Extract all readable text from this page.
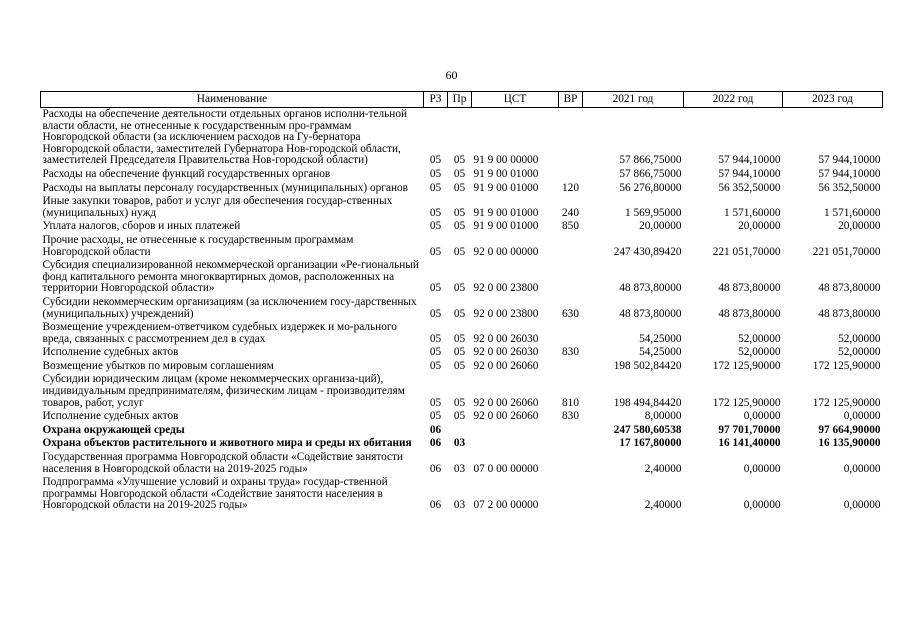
60
Наименование	РЗ	Пр	ЦСТ	ВР	2021 год	2022 год	2023 год
Расходы на обеспечение деятельности отдельных органов исполни-тельной власти области, не отнесенные к государственным про-граммам Новгородской области (за исключением расходов на Гу-бернатора Новгородской области, заместителей Губернатора Нов-городской области, заместителей Председателя Правительства Нов-городской области)	05	05	91 9 00 00000		57 866,75000	57 944,10000	57 944,10000
Расходы на обеспечение функций государственных органов	05	05	91 9 00 01000		57 866,75000	57 944,10000	57 944,10000
Расходы на выплаты персоналу государственных (муниципальных) органов	05	05	91 9 00 01000	120	56 276,80000	56 352,50000	56 352,50000
Иные закупки товаров, работ и услуг для обеспечения государ-ственных (муниципальных) нужд	05	05	91 9 00 01000	240	1 569,95000	1 571,60000	1 571,60000
Уплата налогов, сборов и иных платежей	05	05	91 9 00 01000	850	20,00000	20,00000	20,00000
Прочие расходы, не отнесенные к государственным программам Новгородской области	05	05	92 0 00 00000		247 430,89420	221 051,70000	221 051,70000
Субсидия специализированной некоммерческой организации «Ре-гиональный фонд капитального ремонта многоквартирных домов, расположенных на территории Новгородской области»	05	05	92 0 00 23800		48 873,80000	48 873,80000	48 873,80000
Субсидии некоммерческим организациям (за исключением госу-дарственных (муниципальных) учреждений)	05	05	92 0 00 23800	630	48 873,80000	48 873,80000	48 873,80000
Возмещение учреждением-ответчиком судебных издержек и мо-рального вреда, связанных с рассмотрением дел в судах	05	05	92 0 00 26030		54,25000	52,00000	52,00000
Исполнение судебных актов	05	05	92 0 00 26030	830	54,25000	52,00000	52,00000
Возмещение убытков по мировым соглашениям	05	05	92 0 00 26060		198 502,84420	172 125,90000	172 125,90000
Субсидии юридическим лицам (кроме некоммерческих организа-ций), индивидуальным предпринимателям, физическим лицам - производителям товаров, работ, услуг	05	05	92 0 00 26060	810	198 494,84420	172 125,90000	172 125,90000
Исполнение судебных актов	05	05	92 0 00 26060	830	8,00000	0,00000	0,00000
Охрана окружающей среды	06				247 580,60538	97 701,70000	97 664,90000
Охрана объектов растительного и животного мира и среды их обитания	06	03			17 167,80000	16 141,40000	16 135,90000
Государственная программа Новгородской области «Содействие занятости населения в Новгородской области на 2019-2025 годы»	06	03	07 0 00 00000		2,40000	0,00000	0,00000
Подпрограмма «Улучшение условий и охраны труда» государ-ственной программы Новгородской области «Содействие занятости населения в Новгородской области на 2019-2025 годы»	06	03	07 2 00 00000		2,40000	0,00000	0,00000
